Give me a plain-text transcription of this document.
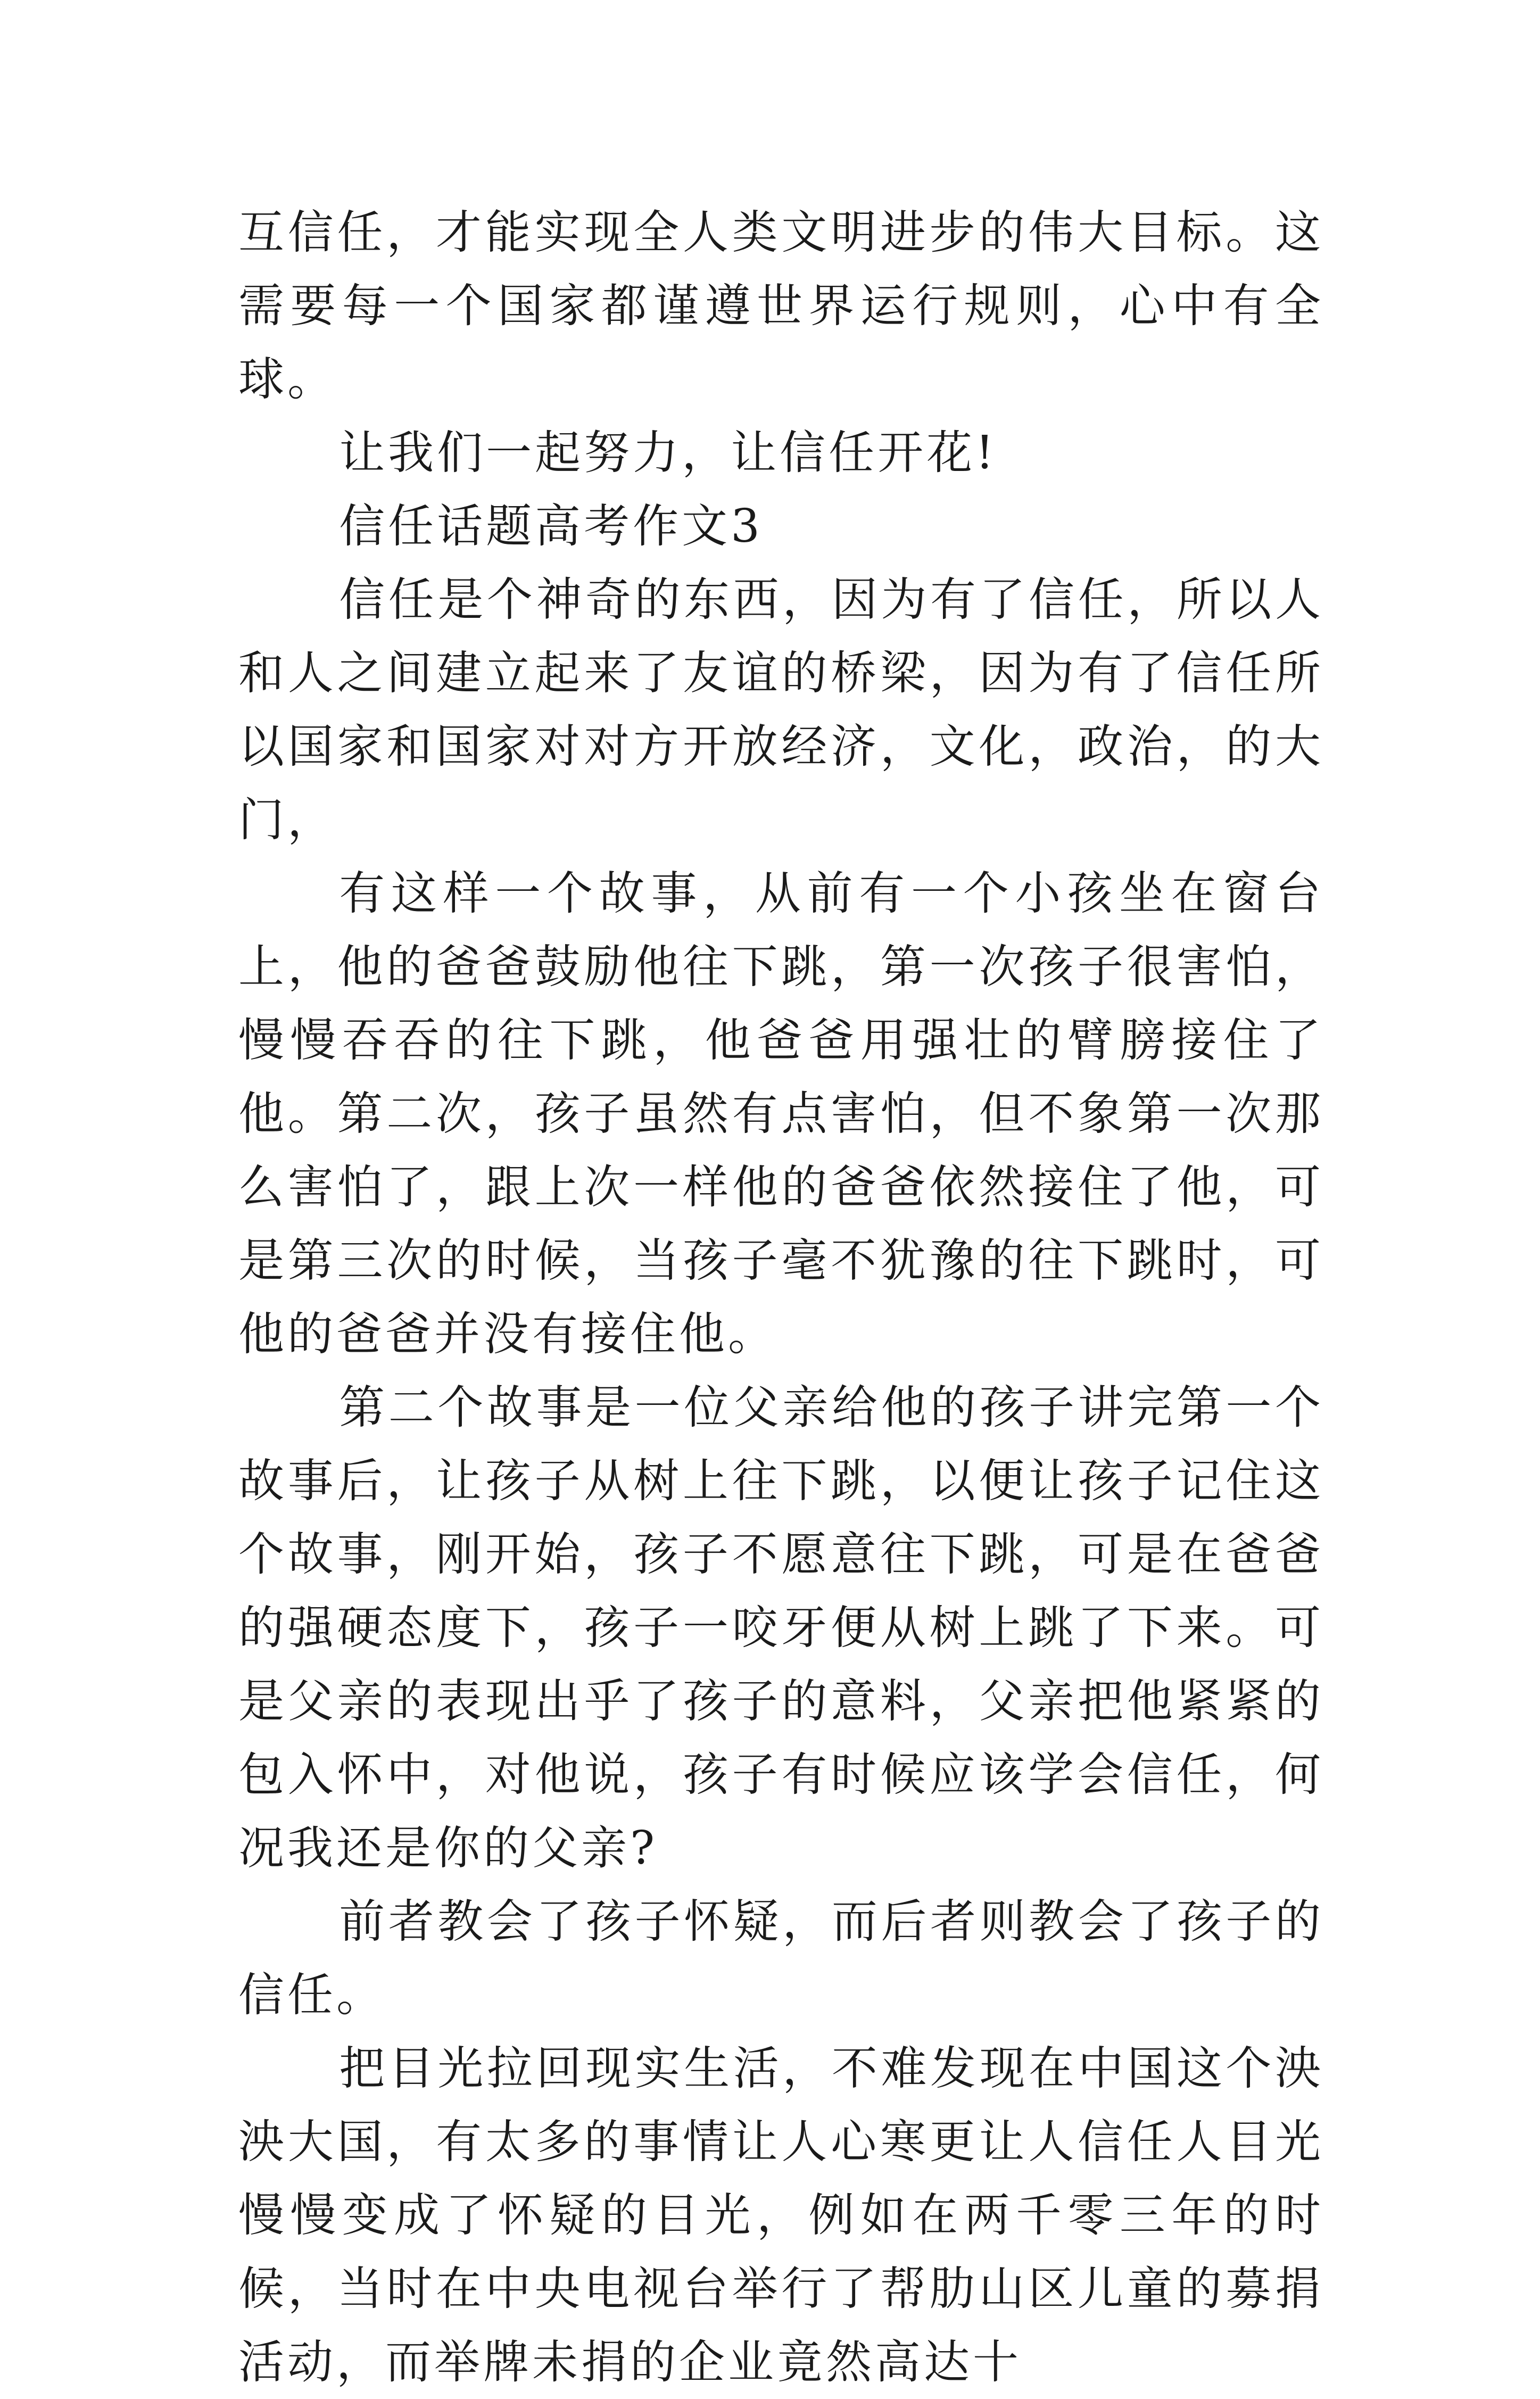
互信任，才能实现全人类文明进步的伟大目标。这需要每一个国家都谨遵世界运行规则，心中有全球。

让我们一起努力，让信任开花!

信任话题高考作文3

信任是个神奇的东西，因为有了信任，所以人和人之间建立起来了友谊的桥梁，因为有了信任所以国家和国家对对方开放经济，文化，政治，的大门，

有这样一个故事，从前有一个小孩坐在窗台上，他的爸爸鼓励他往下跳，第一次孩子很害怕，慢慢吞吞的往下跳，他爸爸用强壮的臂膀接住了他。第二次，孩子虽然有点害怕，但不象第一次那么害怕了，跟上次一样他的爸爸依然接住了他，可是第三次的时候，当孩子毫不犹豫的往下跳时，可他的爸爸并没有接住他。

第二个故事是一位父亲给他的孩子讲完第一个故事后，让孩子从树上往下跳，以便让孩子记住这个故事，刚开始，孩子不愿意往下跳，可是在爸爸的强硬态度下，孩子一咬牙便从树上跳了下来。可是父亲的表现出乎了孩子的意料，父亲把他紧紧的包入怀中，对他说，孩子有时候应该学会信任，何况我还是你的父亲?

前者教会了孩子怀疑，而后者则教会了孩子的信任。

把目光拉回现实生活，不难发现在中国这个泱泱大国，有太多的事情让人心寒更让人信任人目光慢慢变成了怀疑的目光，例如在两千零三年的时候，当时在中央电视台举行了帮肋山区儿童的募捐活动，而举牌未捐的企业竟然高达十
